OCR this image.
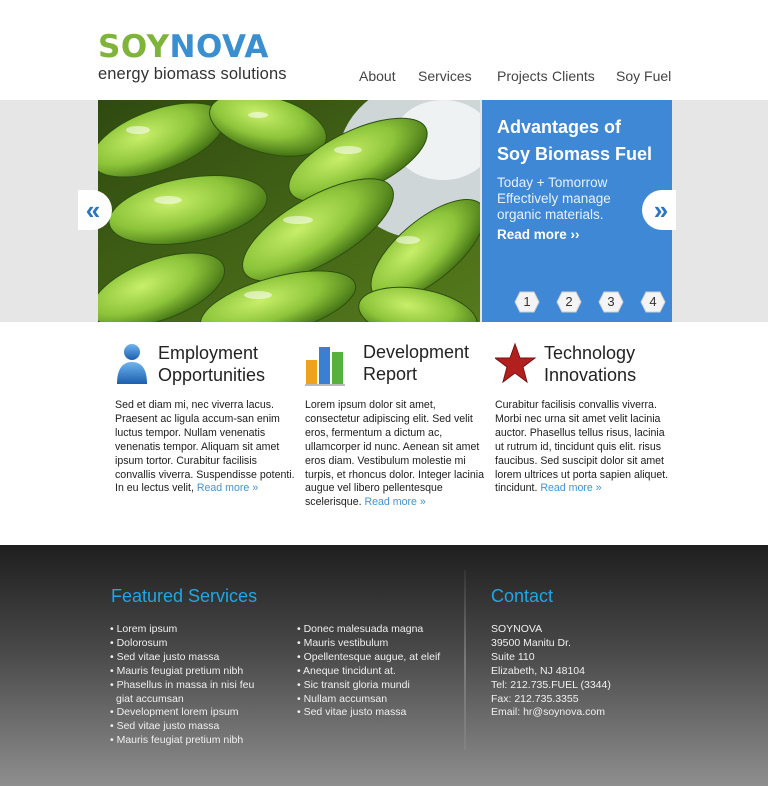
SOYNOVA
energy biomass solutions	About Services Projects Clients Soy Fuel
Advantages of
Soy Biomass Fuel
Today + Tomorrow
Effectively manage
organic materials.
Read more ››
1	2	3	4
«	»
Employment
Opportunities
Sed et diam mi, nec viverra lacus. Praesent ac ligula accum-san enim luctus tempor. Nullam venenatis venenatis tempor. Aliquam sit amet ipsum tortor. Curabitur facilisis convallis viverra. Suspendisse potenti. In eu lectus velit, Read more »
Development
Report
Lorem ipsum dolor sit amet, consectetur adipiscing elit. Sed velit eros, fermentum a dictum ac, ullamcorper id nunc. Aenean sit amet eros diam. Vestibulum molestie mi turpis, et rhoncus dolor. Integer lacinia augue vel libero pellentesque scelerisque. Read more »
Technology
Innovations
Curabitur facilisis convallis viverra. Morbi nec urna sit amet velit lacinia auctor. Phasellus tellus risus, lacinia ut rutrum id, tincidunt quis elit. risus faucibus. Sed suscipit dolor sit amet lorem ultrices ut porta sapien aliquet. tincidunt. Read more »
Featured Services
• Lorem ipsum
• Dolorosum
• Sed vitae justo massa
• Mauris feugiat pretium nibh
• Phasellus in massa in nisi feu giat accumsan
• Development lorem ipsum
• Sed vitae justo massa
• Mauris feugiat pretium nibh
• Donec malesuada magna
• Mauris vestibulum
• Opellentesque augue, at eleif
• Aneque tincidunt at.
• Sic transit gloria mundi
• Nullam accumsan
• Sed vitae justo massa
Contact
SOYNOVA
39500 Manitu Dr.
Suite 110
Elizabeth, NJ 48104
Tel: 212.735.FUEL (3344)
Fax: 212.735.3355
Email: hr@soynova.com
